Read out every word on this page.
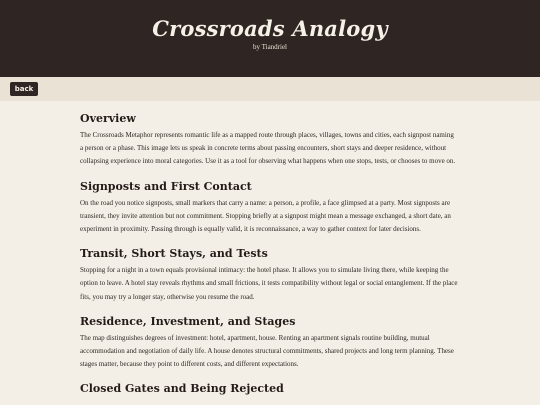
Crossroads Analogy
by Tiandriel
back
Overview

The Crossroads Metaphor represents romantic life as a mapped route through places, villages, towns and cities, each signpost naming a person or a phase. This image lets us speak in concrete terms about passing encounters, short stays and deeper residence, without collapsing experience into moral categories. Use it as a tool for observing what happens when one stops, tests, or chooses to move on.

Signposts and First Contact

On the road you notice signposts, small markers that carry a name: a person, a profile, a face glimpsed at a party. Most signposts are transient, they invite attention but not commitment. Stopping briefly at a signpost might mean a message exchanged, a short date, an experiment in proximity. Passing through is equally valid, it is reconnaissance, a way to gather context for later decisions.

Transit, Short Stays, and Tests

Stopping for a night in a town equals provisional intimacy: the hotel phase. It allows you to simulate living there, while keeping the option to leave. A hotel stay reveals rhythms and small frictions, it tests compatibility without legal or social entanglement. If the place fits, you may try a longer stay, otherwise you resume the road.

Residence, Investment, and Stages

The map distinguishes degrees of investment: hotel, apartment, house. Renting an apartment signals routine building, mutual accommodation and negotiation of daily life. A house denotes structural commitments, shared projects and long term planning. These stages matter, because they point to different costs, and different expectations.

Closed Gates and Being Rejected
